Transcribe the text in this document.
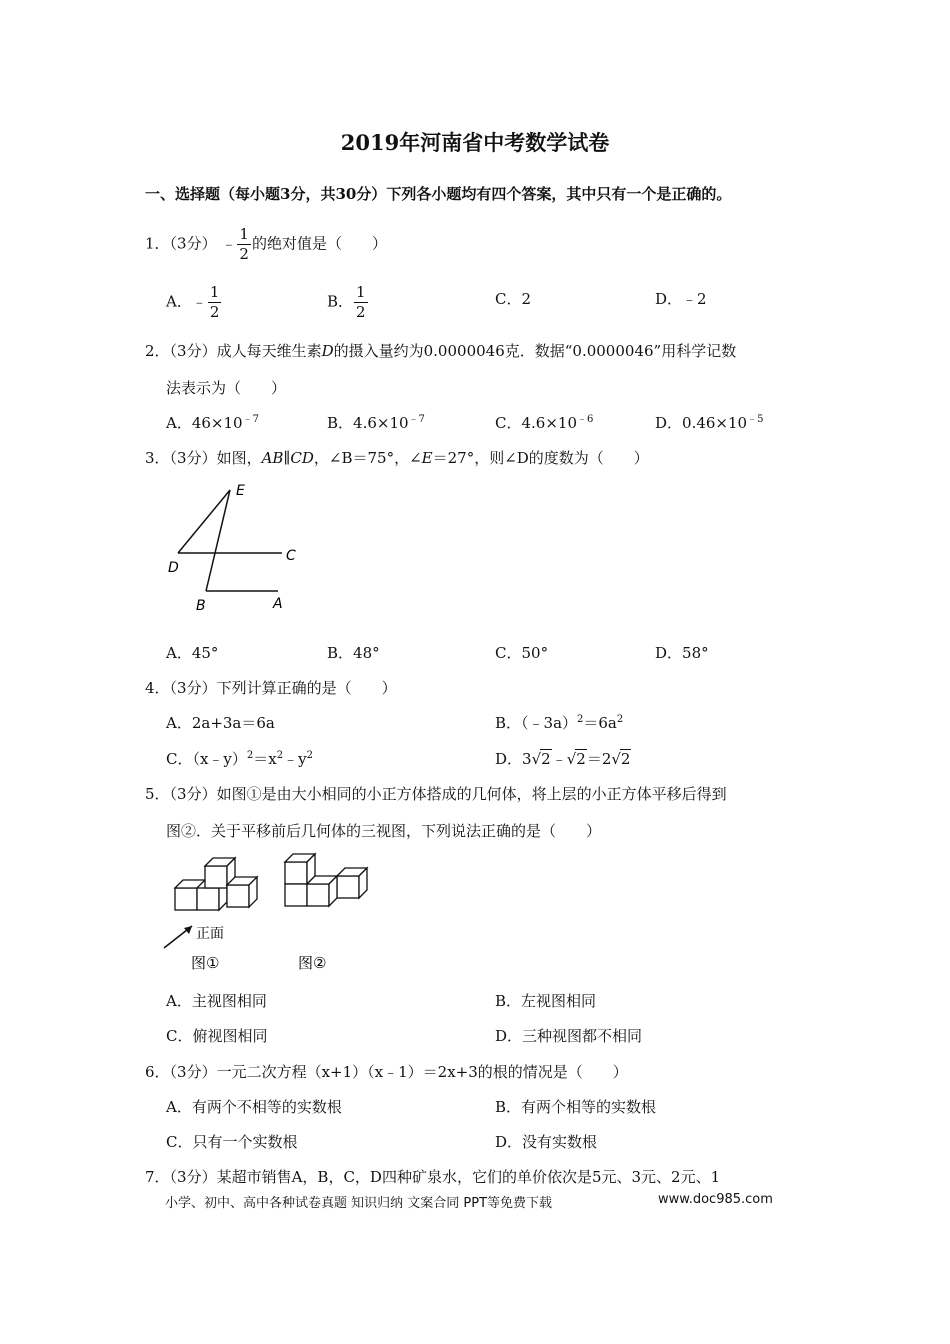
2019年河南省中考数学试卷
一、选择题（每小题3分，共30分）下列各小题均有四个答案，其中只有一个是正确的。
1．（3分） ﹣ $\frac{1}{2}$ 的绝对值是（　　）
A．﹣ $\frac{1}{2}$	B． $\frac{1}{2}$	C．2	D．﹣2
2．（3分）成人每天维生素D的摄入量约为0.0000046克．数据“0.0000046”用科学记数
法表示为（　　）
A．$46\times 10^{﹣7}$	B．$4.6\times 10^{﹣7}$	C．$4.6\times 10^{﹣6}$	D．$0.46\times 10^{﹣5}$
3．（3分）如图，AB∥CD，∠B＝75°，∠E＝27°，则∠D的度数为（　　）
E
C
D
B	A
A．45°	B．48°	C．50°	D．58°
4．（3分）下列计算正确的是（　　）
A．2a+3a＝6a	B．$(﹣3a)^2=6a^2$
C．$(x﹣y)^2=x^2﹣y^2$	D．3√2﹣√2＝2√2
5．（3分）如图①是由大小相同的小正方体搭成的几何体，将上层的小正方体平移后得到
图②．关于平移前后几何体的三视图，下列说法正确的是（　　）
正面
图①	图②
A．主视图相同	B．左视图相同
C．俯视图相同	D．三种视图都不相同
6．（3分）一元二次方程（x+1）（x﹣1）＝2x+3的根的情况是（　　）
A．有两个不相等的实数根	B．有两个相等的实数根
C．只有一个实数根	D．没有实数根
7．（3分）某超市销售A，B，C，D四种矿泉水，它们的单价依次是5元、3元、2元、1
小学、初中、高中各种试卷真题 知识归纳 文案合同 PPT等免费下载	www.doc985.com
